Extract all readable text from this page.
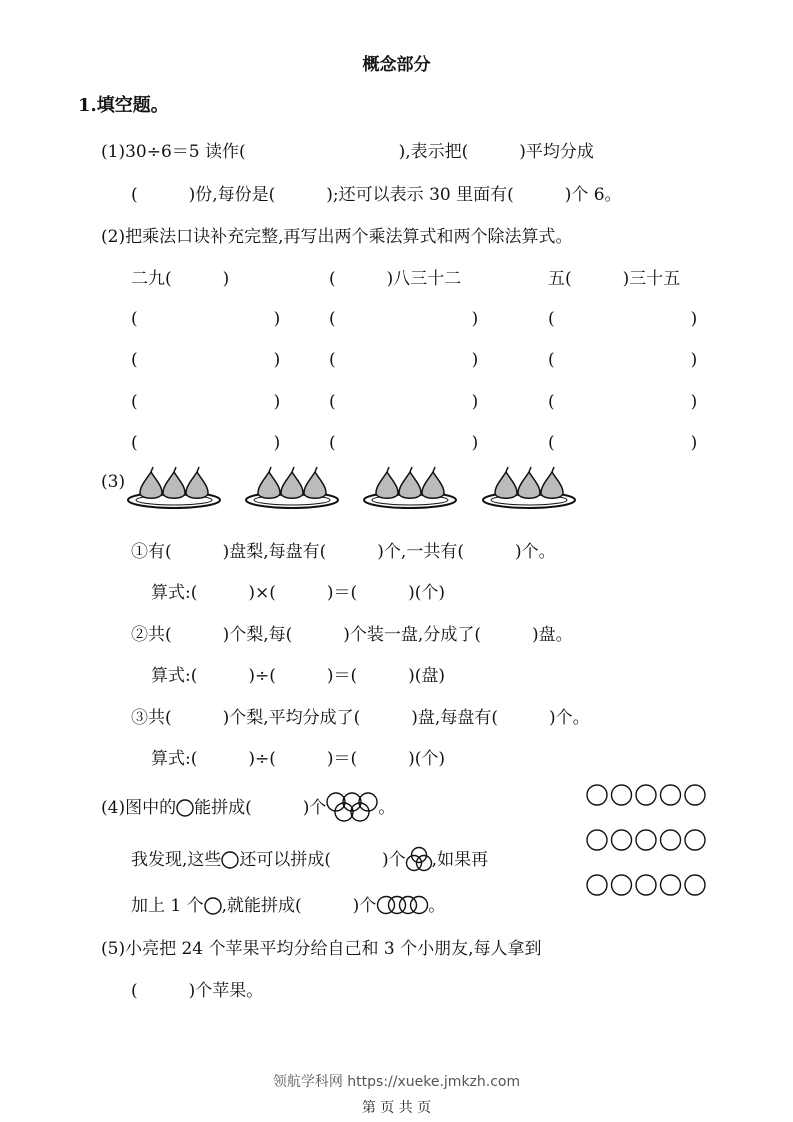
概念部分
1.填空题。
(1)30÷6＝5 读作(　　　　　　　　　),表示把(　　　)平均分成
(　　　)份,每份是(　　　);还可以表示 30 里面有(　　　)个 6。
(2)把乘法口诀补充完整,再写出两个乘法算式和两个除法算式。
二九(　　　)	(　　　)八三十二	五(　　　)三十五
(　　　　　　　　)	(　　　　　　　　)	(　　　　　　　　)
(　　　　　　　　)	(　　　　　　　　)	(　　　　　　　　)
(　　　　　　　　)	(　　　　　　　　)	(　　　　　　　　)
(　　　　　　　　)	(　　　　　　　　)	(　　　　　　　　)
(3)
①有(　　　)盘梨,每盘有(　　　)个,一共有(　　　)个。
算式:(　　　)×(　　　)＝(　　　)(个)
②共(　　　)个梨,每(　　　)个装一盘,分成了(　　　)盘。
算式:(　　　)÷(　　　)＝(　　　)(盘)
③共(　　　)个梨,平均分成了(　　　)盘,每盘有(　　　)个。
算式:(　　　)÷(　　　)＝(　　　)(个)
(4)图中的 能拼成(　　　)个	。
我发现,这些 还可以拼成(　　　)个 ,如果再
加上 1 个 ,就能拼成(　　　)个	。
(5)小亮把 24 个苹果平均分给自己和 3 个小朋友,每人拿到
(　　　)个苹果。
领航学科网 https://xueke.jmkzh.com
第 页 共 页
